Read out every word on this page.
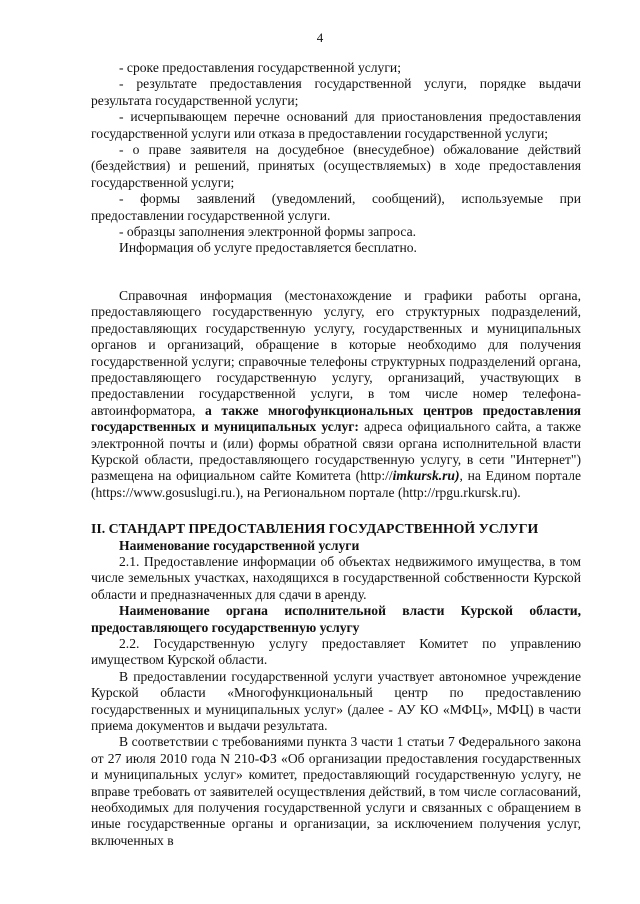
4

- сроке предоставления государственной услуги;

- результате предоставления государственной услуги, порядке выдачи результата государственной услуги;

- исчерпывающем перечне оснований для приостановления предоставления государственной услуги или отказа в предоставлении государственной услуги;

- о праве заявителя на досудебное (внесудебное) обжалование действий (бездействия) и решений, принятых (осуществляемых) в ходе предоставления государственной услуги;

- формы заявлений (уведомлений, сообщений), используемые при предоставлении государственной услуги.

- образцы заполнения электронной формы запроса.

Информация об услуге предоставляется бесплатно.

Справочная информация (местонахождение и графики работы органа, предоставляющего государственную услугу, его структурных подразделений, предоставляющих государственную услугу, государственных и муниципальных органов и организаций, обращение в которые необходимо для получения государственной услуги; справочные телефоны структурных подразделений органа, предоставляющего государственную услугу, организаций, участвующих в предоставлении государственной услуги, в том числе номер телефона-автоинформатора, а также многофункциональных центров предоставления государственных и муниципальных услуг: адреса официального сайта, а также электронной почты и (или) формы обратной связи органа исполнительной власти Курской области, предоставляющего государственную услугу, в сети "Интернет") размещена на официальном сайте Комитета (http://imkursk.ru), на Едином портале (https://www.gosuslugi.ru.), на Региональном портале (http://rpgu.rkursk.ru).

II. СТАНДАРТ ПРЕДОСТАВЛЕНИЯ ГОСУДАРСТВЕННОЙ УСЛУГИ

Наименование государственной услуги

2.1. Предоставление информации об объектах недвижимого имущества, в том числе земельных участках, находящихся в государственной собственности Курской области и предназначенных для сдачи в аренду.

Наименование органа исполнительной власти Курской области, предоставляющего государственную услугу

2.2. Государственную услугу предоставляет Комитет по управлению имуществом Курской области.

В предоставлении государственной услуги участвует автономное учреждение Курской области «Многофункциональный центр по предоставлению государственных и муниципальных услуг» (далее - АУ КО «МФЦ», МФЦ) в части приема документов и выдачи результата.

В соответствии с требованиями пункта 3 части 1 статьи 7 Федерального закона от 27 июля 2010 года N 210-ФЗ «Об организации предоставления государственных и муниципальных услуг» комитет, предоставляющий государственную услугу, не вправе требовать от заявителей осуществления действий, в том числе согласований, необходимых для получения государственной услуги и связанных с обращением в иные государственные органы и организации, за исключением получения услуг, включенных в
